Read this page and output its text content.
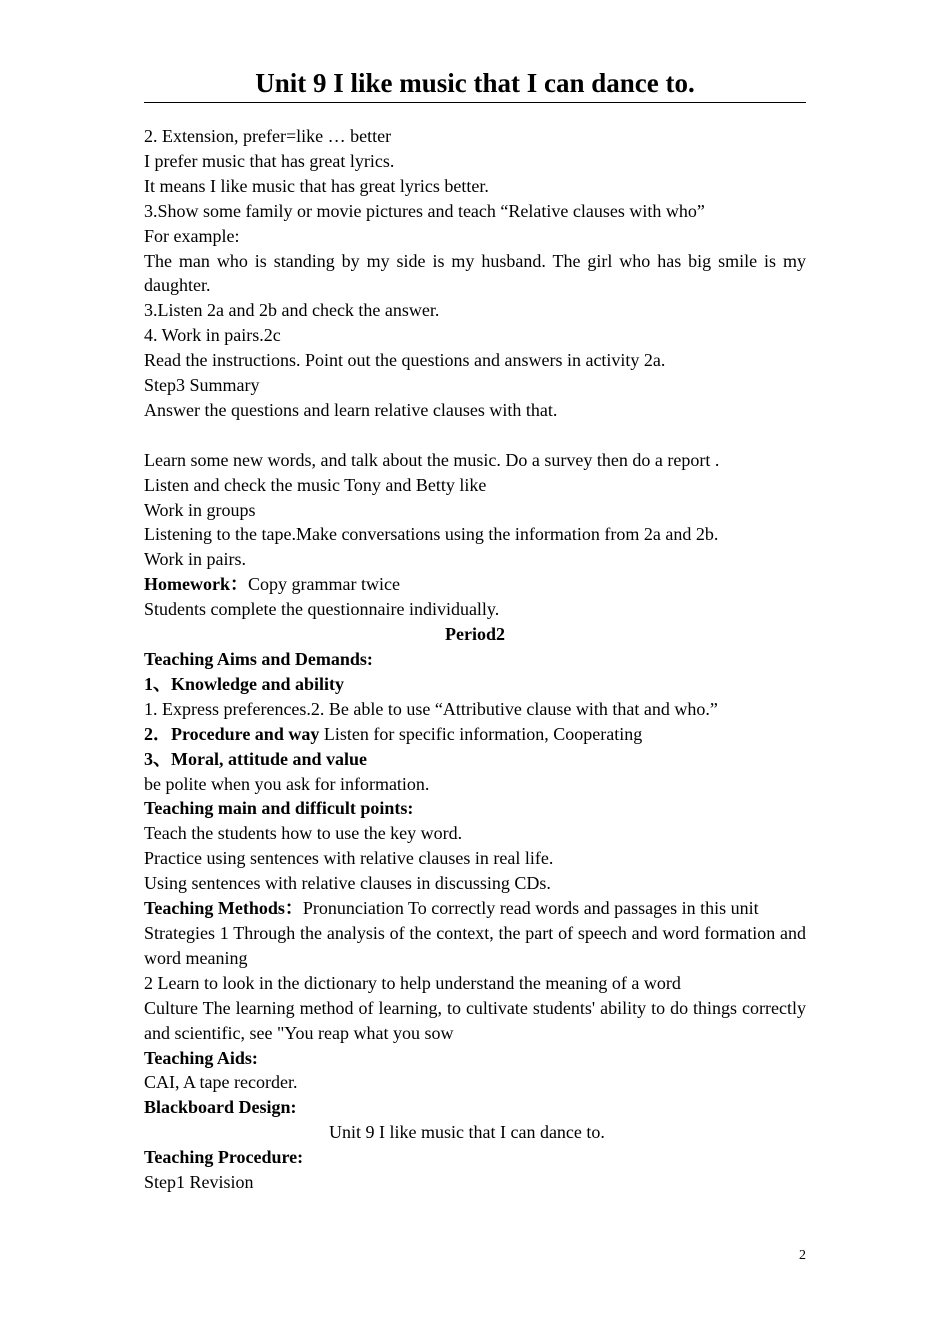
Unit 9 I like music that I can dance to.

2. Extension, prefer=like … better

I prefer music that has great lyrics.

It means I like music that has great lyrics better.

3.Show some family or movie pictures and teach “Relative clauses with who”

For example:

The man who is standing by my side is my husband. The girl who has big smile is my daughter.

3.Listen 2a and 2b and check the answer.

4. Work in pairs.2c

Read the instructions. Point out the questions and answers in activity 2a.

Step3 Summary

Answer the questions and learn relative clauses with that.

Learn some new words, and talk about the music. Do a survey then do a report .

Listen and check the music Tony and Betty like

Work in groups

Listening to the tape.Make conversations using the information from 2a and 2b.

Work in pairs.

Homework：Copy grammar twice

Students complete the questionnaire individually.

Period2

Teaching Aims and Demands:

1、Knowledge and ability

1. Express preferences.2. Be able to use “Attributive clause with that and who.”

2．Procedure and way Listen for specific information, Cooperating

3、Moral, attitude and value

be polite when you ask for information.

Teaching main and difficult points:

Teach the students how to use the key word.

Practice using sentences with relative clauses in real life.

Using sentences with relative clauses in discussing CDs.

Teaching Methods：Pronunciation To correctly read words and passages in this unit

Strategies 1 Through the analysis of the context, the part of speech and word formation and word meaning

2 Learn to look in the dictionary to help understand the meaning of a word

Culture The learning method of learning, to cultivate students' ability to do things correctly and scientific, see "You reap what you sow

Teaching Aids:

CAI, A tape recorder.

Blackboard Design:

Unit 9 I like music that I can dance to.

Teaching Procedure:

Step1 Revision

2
